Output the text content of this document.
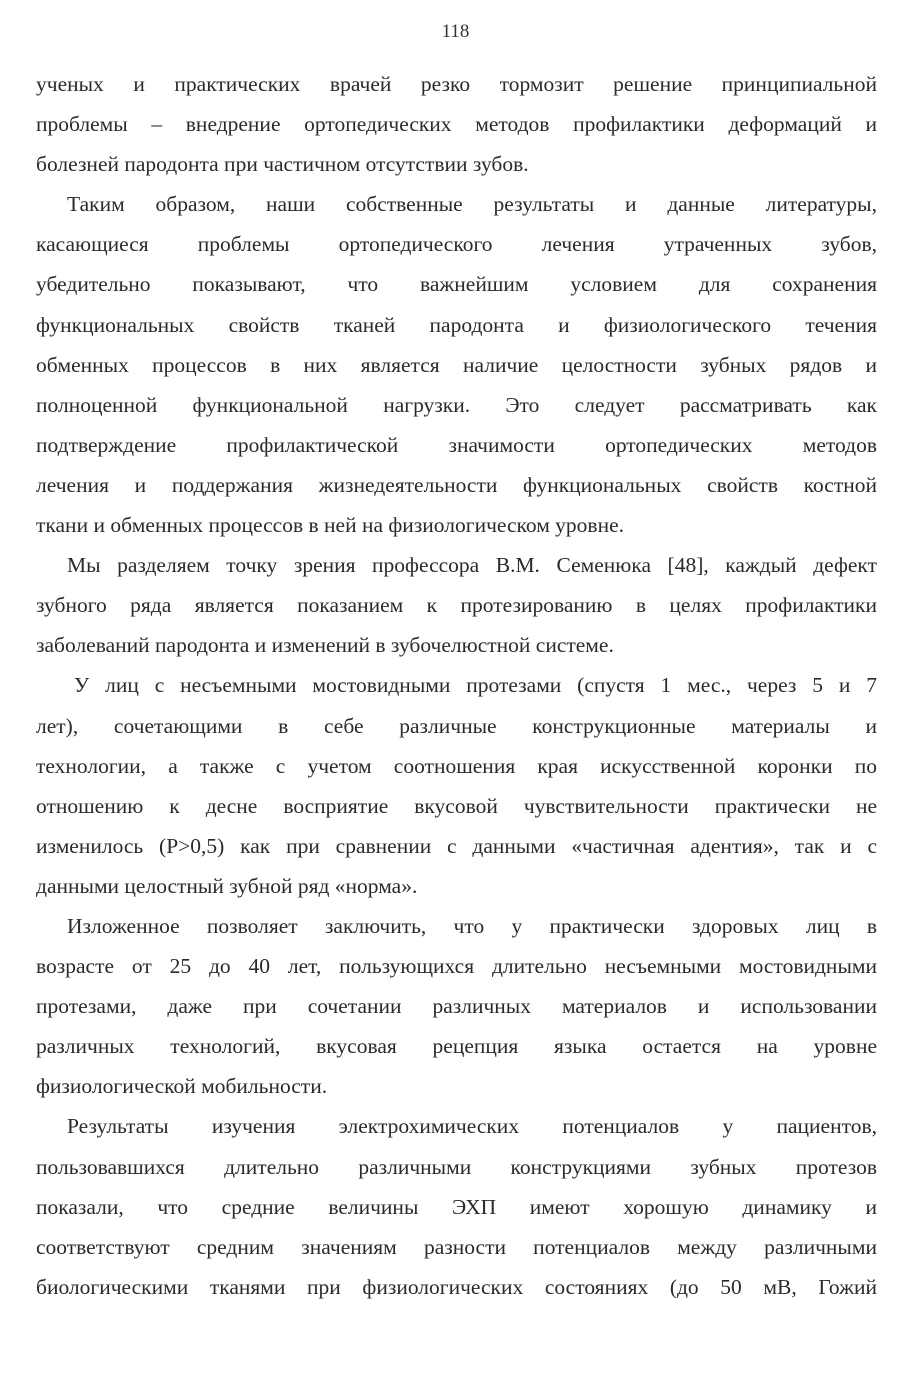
118
ученых и практических врачей резко тормозит решение принципиальной
проблемы – внедрение ортопедических методов профилактики деформаций и
болезней пародонта при частичном отсутствии зубов.
Таким образом, наши собственные результаты и данные литературы,
касающиеся проблемы ортопедического лечения утраченных зубов,
убедительно показывают, что важнейшим условием для сохранения
функциональных свойств тканей пародонта и физиологического течения
обменных процессов в них является наличие целостности зубных рядов и
полноценной функциональной нагрузки. Это следует рассматривать как
подтверждение профилактической значимости ортопедических методов
лечения и поддержания жизнедеятельности функциональных свойств костной
ткани и обменных процессов в ней на физиологическом уровне.
Мы разделяем точку зрения профессора В.М. Семенюка [48], каждый дефект
зубного ряда является показанием к протезированию в целях профилактики
заболеваний пародонта и изменений в зубочелюстной системе.
У лиц с несъемными мостовидными протезами (спустя 1 мес., через 5 и 7
лет), сочетающими в себе различные конструкционные материалы и
технологии, а также с учетом соотношения края искусственной коронки по
отношению к десне восприятие вкусовой чувствительности практически не
изменилось (P>0,5) как при сравнении с данными «частичная адентия», так и с
данными целостный зубной ряд «норма».
Изложенное позволяет заключить, что у практически здоровых лиц в
возрасте от 25 до 40 лет, пользующихся длительно несъемными мостовидными
протезами, даже при сочетании различных материалов и использовании
различных технологий, вкусовая рецепция языка остается на уровне
физиологической мобильности.
Результаты изучения электрохимических потенциалов у пациентов,
пользовавшихся длительно различными конструкциями зубных протезов
показали, что средние величины ЭХП имеют хорошую динамику и
соответствуют средним значениям разности потенциалов между различными
биологическими тканями при физиологических состояниях (до 50 мВ, Гожий
